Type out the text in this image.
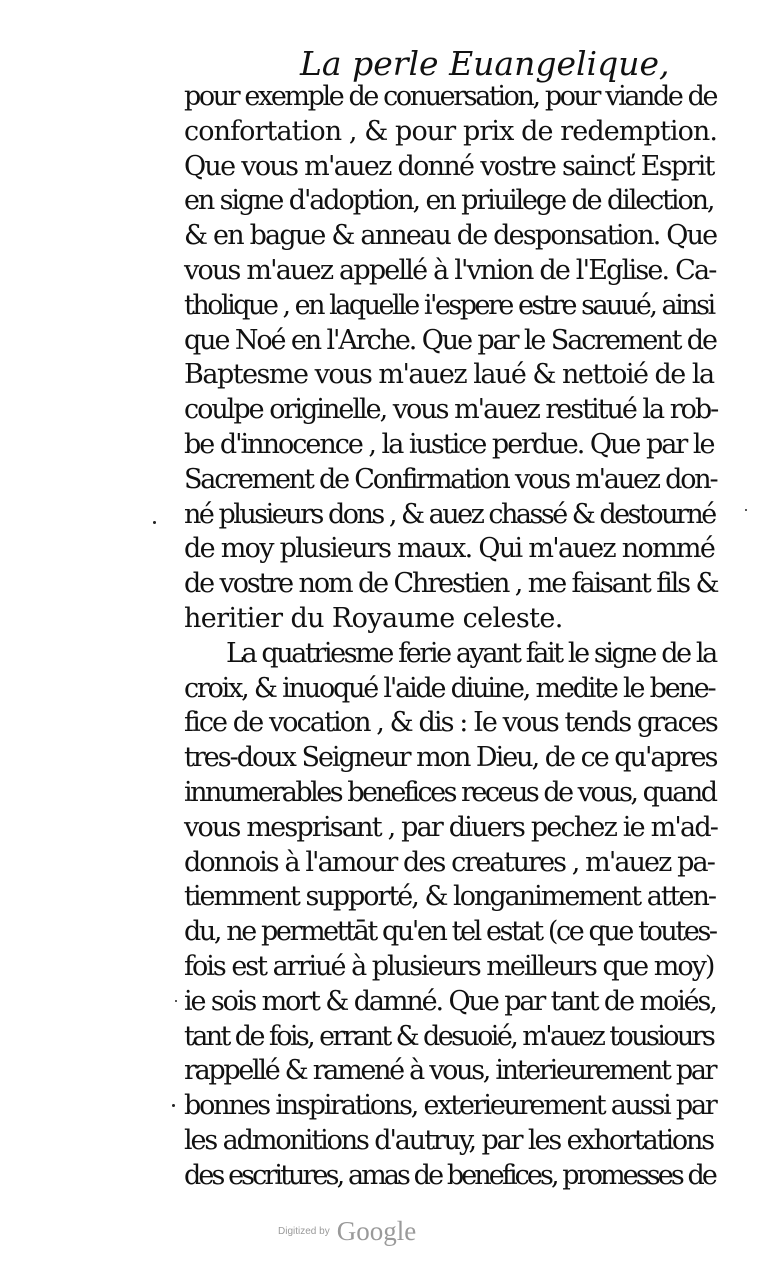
La perle Euangelique,
pour exemple de conuersation, pour viande de
confortation , & pour prix de redemption.
Que vous m'auez donné vostre saincť Esprit
en signe d'adoption, en priuilege de dilection,
& en bague & anneau de desponsation. Que
vous m'auez appellé à l'vnion de l'Eglise. Ca-
tholique , en laquelle i'espere estre sauué, ainsi
que Noé en l'Arche. Que par le Sacrement de
Baptesme vous m'auez laué & nettoié de la
coulpe originelle, vous m'auez restitué la rob-
be d'innocence , la iustice perdue. Que par le
Sacrement de Confirmation vous m'auez don-
né plusieurs dons , & auez chassé & destourné
de moy plusieurs maux. Qui m'auez nommé
de vostre nom de Chrestien , me faisant fils &
heritier du Royaume celeste.
La quatriesme ferie ayant fait le signe de la
croix, & inuoqué l'aide diuine, medite le bene-
fice de vocation , & dis : Ie vous tends graces
tres-doux Seigneur mon Dieu, de ce qu'apres
innumerables benefices receus de vous, quand
vous mesprisant , par diuers pechez ie m'ad-
donnois à l'amour des creatures , m'auez pa-
tiemment supporté, & longanimement atten-
du, ne permettāt qu'en tel estat (ce que toutes-
fois est arriué à plusieurs meilleurs que moy)
ie sois mort & damné. Que par tant de moiés,
tant de fois, errant & desuoié, m'auez tousiours
rappellé & ramené à vous, interieurement par
bonnes inspirations, exterieurement aussi par
les admonitions d'autruy, par les exhortations
des escritures, amas de benefices, promesses de
Digitized by Google
